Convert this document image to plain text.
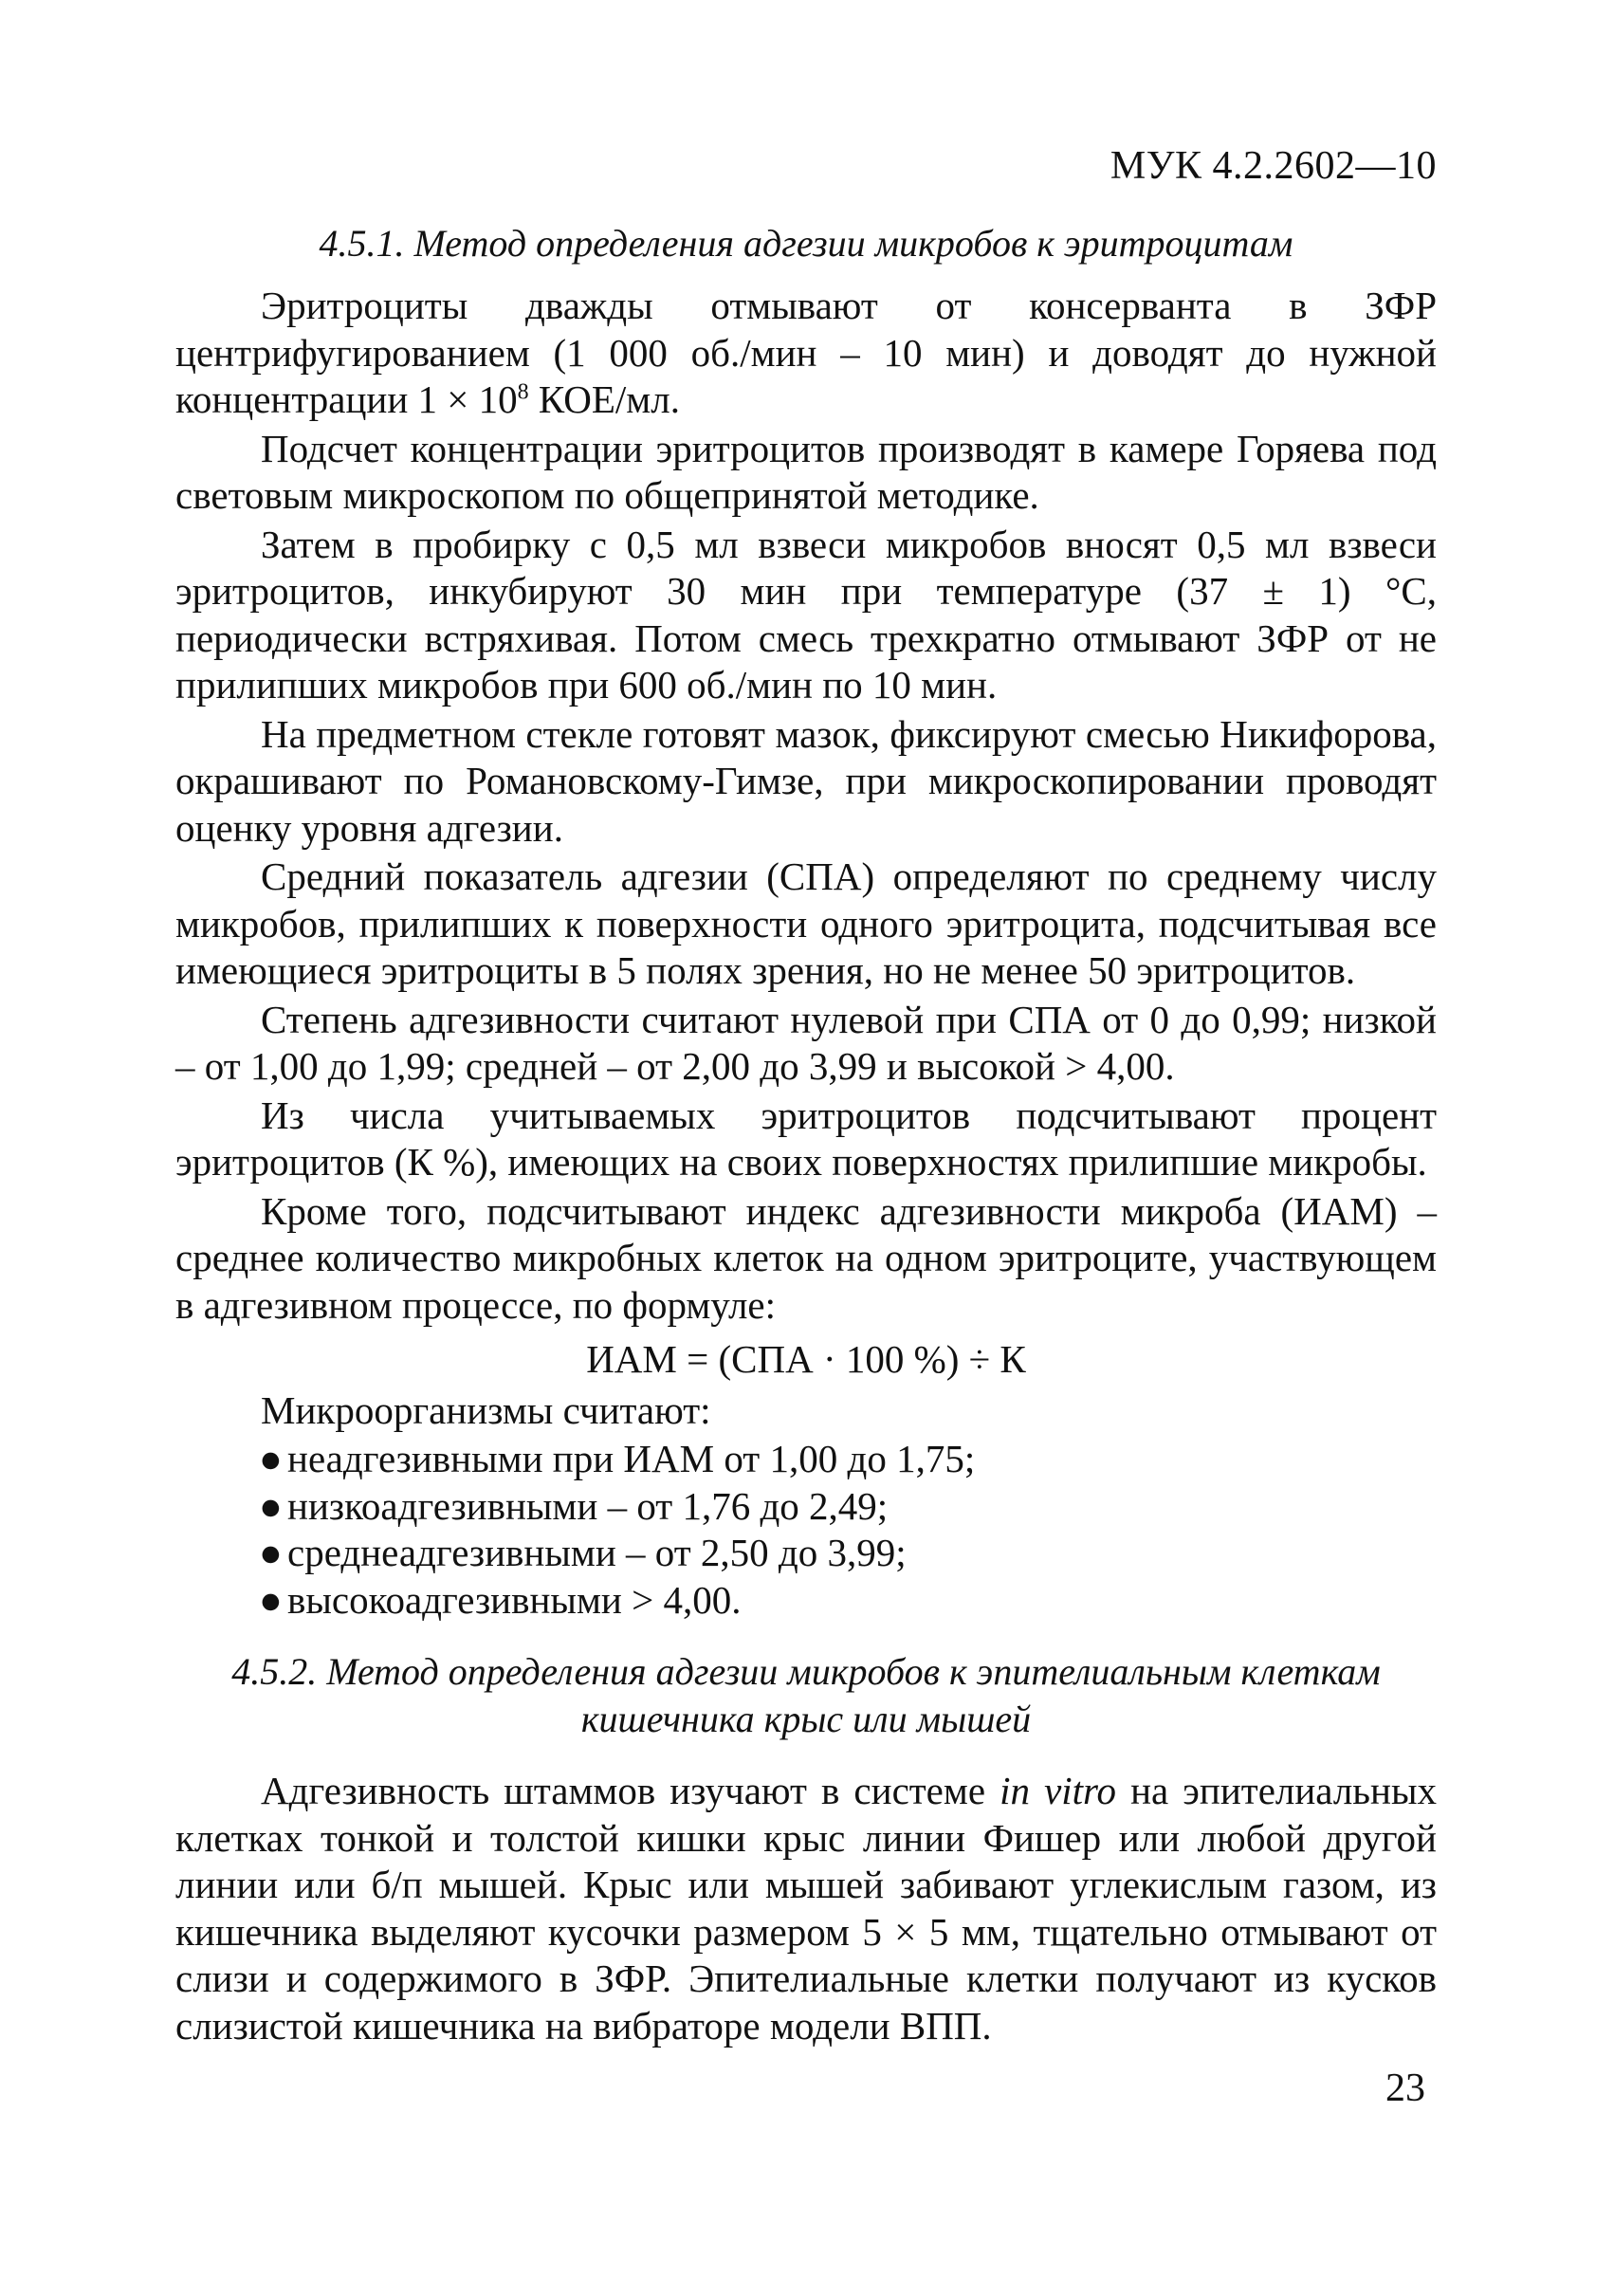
МУК 4.2.2602—10

4.5.1. Метод определения адгезии микробов к эритроцитам

Эритроциты дважды отмывают от консерванта в ЗФР центрифугированием (1 000 об./мин – 10 мин) и доводят до нужной концентрации $1 \times 10^8$ КОЕ/мл.

Подсчет концентрации эритроцитов производят в камере Горяева под световым микроскопом по общепринятой методике.

Затем в пробирку с 0,5 мл взвеси микробов вносят 0,5 мл взвеси эритроцитов, инкубируют 30 мин при температуре (37 ± 1) °С, периодически встряхивая. Потом смесь трехкратно отмывают ЗФР от не прилипших микробов при 600 об./мин по 10 мин.

На предметном стекле готовят мазок, фиксируют смесью Никифорова, окрашивают по Романовскому-Гимзе, при микроскопировании проводят оценку уровня адгезии.

Средний показатель адгезии (СПА) определяют по среднему числу микробов, прилипших к поверхности одного эритроцита, подсчитывая все имеющиеся эритроциты в 5 полях зрения, но не менее 50 эритроцитов.

Степень адгезивности считают нулевой при СПА от 0 до 0,99; низкой – от 1,00 до 1,99; средней – от 2,00 до 3,99 и высокой > 4,00.

Из числа учитываемых эритроцитов подсчитывают процент эритроцитов (К %), имеющих на своих поверхностях прилипшие микробы.

Кроме того, подсчитывают индекс адгезивности микроба (ИАМ) – среднее количество микробных клеток на одном эритроците, участвующем в адгезивном процессе, по формуле:

ИАМ = (СПА · 100 %) ÷ К

Микроорганизмы считают:

● неадгезивными при ИАМ от 1,00 до 1,75;
● низкоадгезивными – от 1,76 до 2,49;
● среднеадгезивными – от 2,50 до 3,99;
● высокоадгезивными > 4,00.
4.5.2. Метод определения адгезии микробов к эпителиальным клеткам
кишечника крыс или мышей

Адгезивность штаммов изучают в системе in vitro на эпителиальных клетках тонкой и толстой кишки крыс линии Фишер или любой другой линии или б/п мышей. Крыс или мышей забивают углекислым газом, из кишечника выделяют кусочки размером 5 × 5 мм, тщательно отмывают от слизи и содержимого в ЗФР. Эпителиальные клетки получают из кусков слизистой кишечника на вибраторе модели ВПП.

23
